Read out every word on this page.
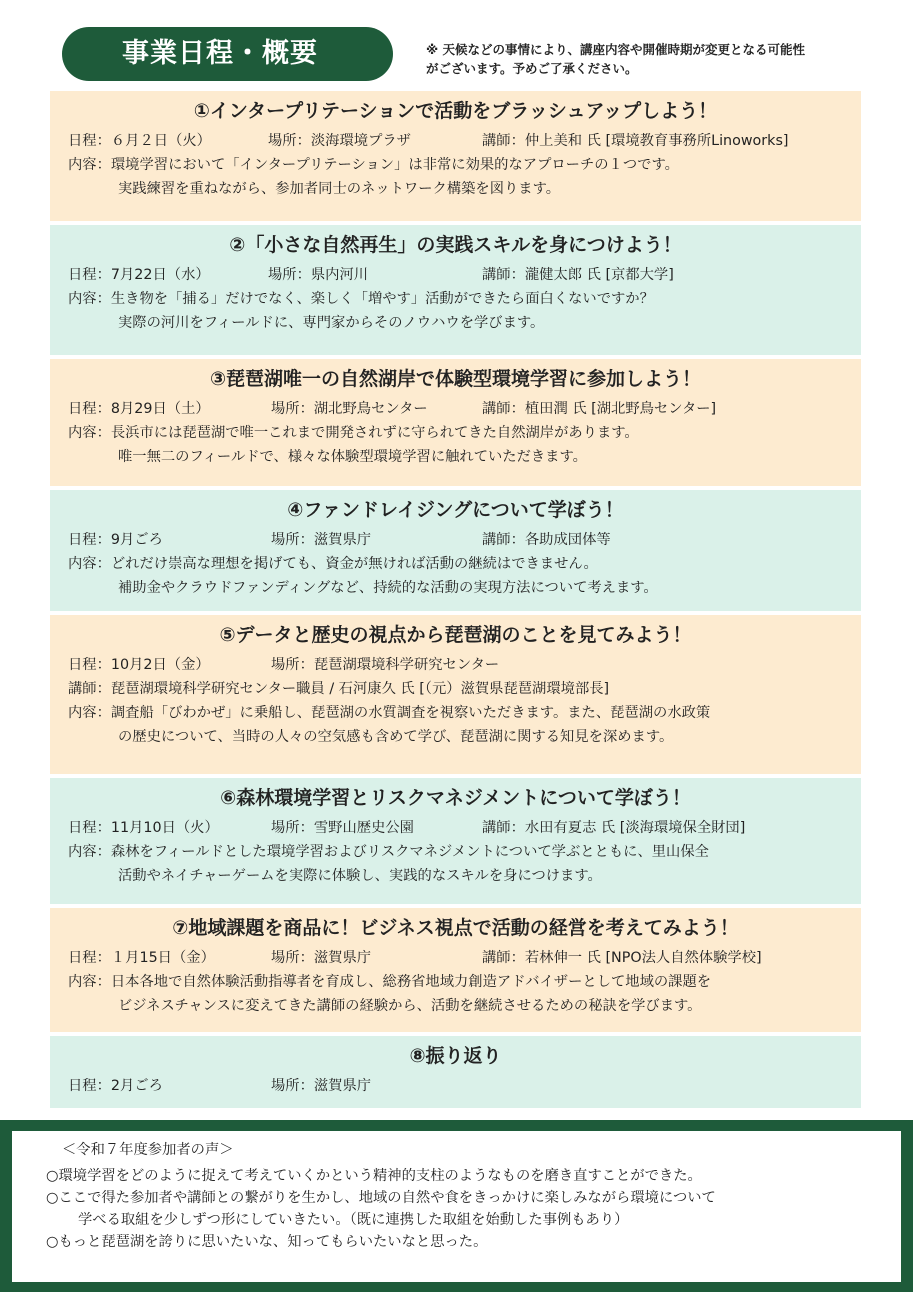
事業日程・概要	※ 天候などの事情により、講座内容や開催時期が変更となる可能性
がございます。予めご了承ください。
①インタープリテーションで活動をブラッシュアップしよう！
日程：６月２日（火）	場所：淡海環境プラザ	講師：仲上美和 氏 [環境教育事務所Linoworks]
内容：環境学習において「インタープリテーション」は非常に効果的なアプローチの１つです。
実践練習を重ねながら、参加者同士のネットワーク構築を図ります。
②「小さな自然再生」の実践スキルを身につけよう！
日程：7月22日（水）	場所：県内河川	講師：瀧健太郎 氏 [京都大学]
内容：生き物を「捕る」だけでなく、楽しく「増やす」活動ができたら面白くないですか？
実際の河川をフィールドに、専門家からそのノウハウを学びます。
③琵琶湖唯一の自然湖岸で体験型環境学習に参加しよう！
日程：8月29日（土）	場所：湖北野鳥センター	講師：植田潤 氏 [湖北野鳥センター]
内容：長浜市には琵琶湖で唯一これまで開発されずに守られてきた自然湖岸があります。
唯一無二のフィールドで、様々な体験型環境学習に触れていただきます。
④ファンドレイジングについて学ぼう！
日程：9月ごろ	場所：滋賀県庁	講師：各助成団体等
内容：どれだけ崇高な理想を掲げても、資金が無ければ活動の継続はできません。
補助金やクラウドファンディングなど、持続的な活動の実現方法について考えます。
⑤データと歴史の視点から琵琶湖のことを見てみよう！
日程：10月2日（金）	場所：琵琶湖環境科学研究センター
講師：琵琶湖環境科学研究センター職員 / 石河康久 氏 [（元）滋賀県琵琶湖環境部長]
内容：調査船「びわかぜ」に乗船し、琵琶湖の水質調査を視察いただきます。また、琵琶湖の水政策
の歴史について、当時の人々の空気感も含めて学び、琵琶湖に関する知見を深めます。
⑥森林環境学習とリスクマネジメントについて学ぼう！
日程：11月10日（火）	場所：雪野山歴史公園	講師：水田有夏志 氏 [淡海環境保全財団]
内容：森林をフィールドとした環境学習およびリスクマネジメントについて学ぶとともに、里山保全
活動やネイチャーゲームを実際に体験し、実践的なスキルを身につけます。
⑦地域課題を商品に！ビジネス視点で活動の経営を考えてみよう！
日程：１月15日（金）	場所：滋賀県庁	講師：若林伸一 氏 [NPO法人自然体験学校]
内容：日本各地で自然体験活動指導者を育成し、総務省地域力創造アドバイザーとして地域の課題を
ビジネスチャンスに変えてきた講師の経験から、活動を継続させるための秘訣を学びます。
⑧振り返り
日程：2月ごろ	場所：滋賀県庁
＜令和７年度参加者の声＞
○環境学習をどのように捉えて考えていくかという精神的支柱のようなものを磨き直すことができた。
○ここで得た参加者や講師との繋がりを生かし、地域の自然や食をきっかけに楽しみながら環境について
学べる取組を少しずつ形にしていきたい。（既に連携した取組を始動した事例もあり）
○もっと琵琶湖を誇りに思いたいな、知ってもらいたいなと思った。
